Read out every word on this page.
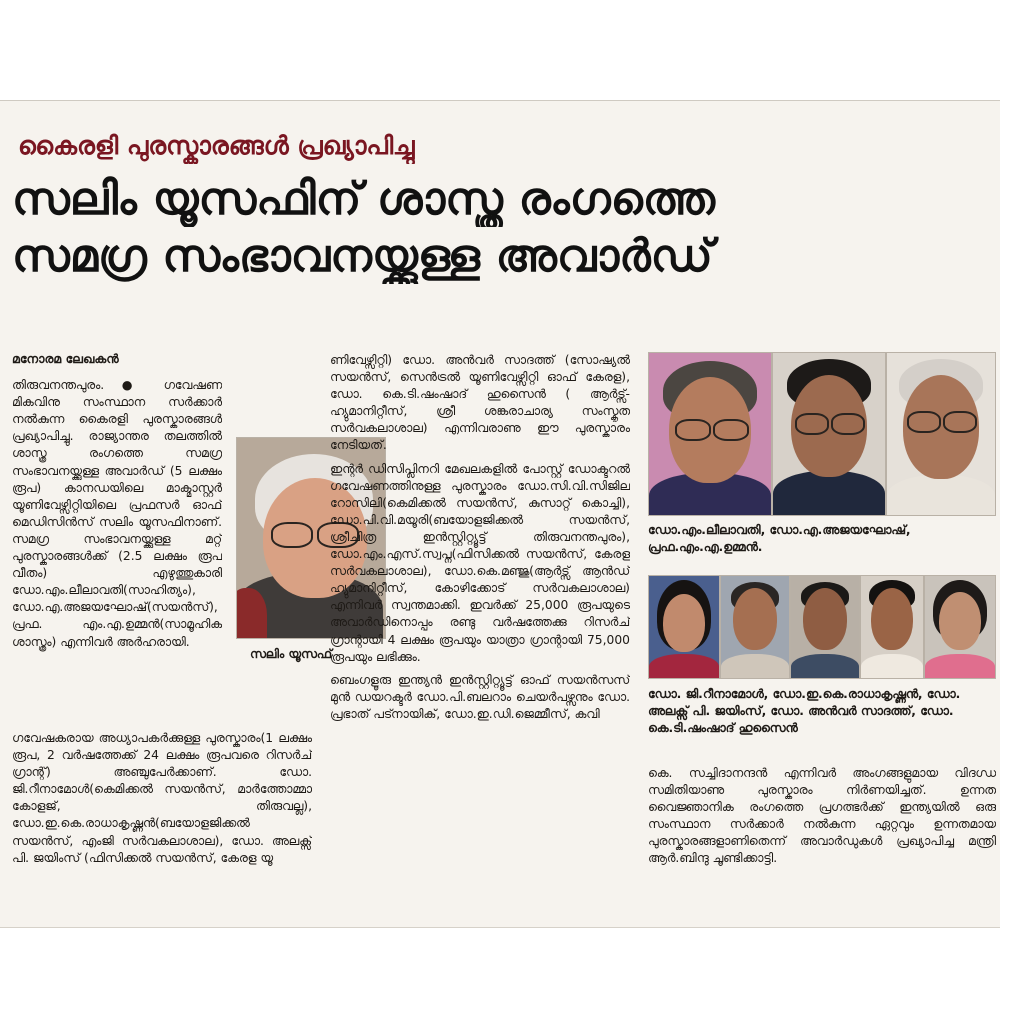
കൈരളി പുരസ്കാരങ്ങൾ പ്രഖ്യാപിച്ചു
സലിം യൂസഫിന് ശാസ്ത്ര രംഗത്തെ
സമഗ്ര സംഭാവനയ്ക്കുള്ള അവാർഡ്
മനോരമ ലേഖകൻ

തിരുവനന്തപുരം. ● ഗവേഷണ മികവിനു സംസ്ഥാന സർക്കാർ നൽകുന്ന കൈരളി പുരസ്കാരങ്ങൾ പ്രഖ്യാപിച്ചു. രാജ്യാന്തര തലത്തിൽ ശാസ്ത്ര രംഗത്തെ സമഗ്ര സംഭാവനയ്ക്കുള്ള അവാർഡ് (5 ലക്ഷം രൂപ) കാനഡയിലെ മാക്മാസ്റ്റർ യൂണിവേഴ്സിറ്റിയിലെ പ്രഫസർ ഓഫ് മെഡിസിൻസ് സലിം യൂസഫിനാണ്. സമഗ്ര സംഭാവനയ്ക്കുള്ള മറ്റ് പുരസ്കാരങ്ങൾക്ക് (2.5 ലക്ഷം രൂപ വീതം) എഴുത്തുകാരി ഡോ.എം.ലീലാവതി(സാഹിത്യം), ഡോ.എ.അജയഘോഷ്(സയൻസ്), പ്രഫ. എം.എ.ഉമ്മൻ(സാമൂഹിക ശാസ്ത്രം) എന്നിവർ അർഹരായി.

സലിം യൂസഫ്

ഗവേഷകരായ അധ്യാപകർക്കുള്ള പുരസ്കാരം(1 ലക്ഷം രൂപ, 2 വർഷത്തേക്ക് 24 ലക്ഷം രൂപവരെ റിസർച് ഗ്രാന്റ്) അഞ്ചുപേർക്കാണ്. ഡോ. ജി.റീനാമോൾ(കെമിക്കൽ സയൻസ്, മാർത്തോമ്മാ കോളജ്, തിരുവല്ല), ഡോ.ഇ.കെ.രാധാകൃഷ്ണൻ(ബയോളജിക്കൽ സയൻസ്, എംജി സർവകലാശാല), ഡോ. അലക്സ് പി. ജയിംസ് (ഫിസിക്കൽ സയൻസ്, കേരള യൂ

ണിവേഴ്സിറ്റി) ഡോ. അൻവർ സാദത്ത് (സോഷ്യൽ സയൻസ്, സെൻട്രൽ യൂണിവേഴ്സിറ്റി ഓഫ് കേരള), ഡോ. കെ.ടി.ഷംഷാദ് ഹുസൈൻ ( ആർട്സ്-ഹ്യുമാനിറ്റീസ്, ശ്രീ ശങ്കരാചാര്യ സംസ്കൃത സർവകലാശാല) എന്നിവരാണു ഈ പുരസ്കാരം നേടിയത്.

ഇന്റർ ഡിസിപ്ലിനറി മേഖലകളിൽ പോസ്റ്റ് ഡോക്ടറൽ ഗവേഷണത്തിനുള്ള പുരസ്കാരം ഡോ.സി.വി.സിജില റോസിലി(കെമിക്കൽ സയൻസ്, കുസാറ്റ് കൊച്ചി), ഡോ.പി.വി.മയൂരി(ബയോളജിക്കൽ സയൻസ്, ശ്രീചിത്ര ഇൻസ്റ്റിറ്റ്യൂട്ട് തിരുവനന്തപുരം), ഡോ.എം.എസ്.സ്വപ്ന(ഫിസിക്കൽ സയൻസ്, കേരള സർവകലാശാല), ഡോ.കെ.മഞ്ജു(ആർട്സ് ആൻഡ് ഹ്യുമാനിറ്റീസ്, കോഴിക്കോട് സർവകലാശാല) എന്നിവർ സ്വന്തമാക്കി. ഇവർക്ക് 25,000 രൂപയുടെ അവാർഡിനൊപ്പം രണ്ടു വർഷത്തേക്കു റിസർച് ഗ്രാന്റായി 4 ലക്ഷം രൂപയും യാത്രാ ഗ്രാന്റായി 75,000 രൂപയും ലഭിക്കും.

ബെംഗളൂരു ഇന്ത്യൻ ഇൻസ്റ്റിറ്റ്യൂട്ട് ഓഫ് സയൻസസ് മുൻ ഡയറക്ടർ ഡോ.പി.ബലറാം ചെയർപഴ്സനും ഡോ. പ്രഭാത് പട്നായിക്, ഡോ.ഇ.ഡി.ജെമ്മീസ്, കവി

ഡോ.എം.ലീലാവതി, ഡോ.എ.അജയഘോഷ്, പ്രഫ.എം.എ.ഉമ്മൻ.
ഡോ. ജി.റീനാമോൾ, ഡോ.ഇ.കെ.രാധാകൃഷ്ണൻ, ഡോ. അലക്സ് പി. ജയിംസ്, ഡോ. അൻവർ സാദത്ത്, ഡോ. കെ.ടി.ഷംഷാദ് ഹുസൈൻ

കെ. സച്ചിദാനന്ദൻ എന്നിവർ അംഗങ്ങളുമായ വിദഗ്ധ സമിതിയാണു പുരസ്കാരം നിർണയിച്ചത്. ഉന്നത വൈജ്ഞാനിക രംഗത്തെ പ്രഗത്ഭർക്ക് ഇന്ത്യയിൽ ഒരു സംസ്ഥാന സർക്കാർ നൽകുന്ന ഏറ്റവും ഉന്നതമായ പുരസ്കാരങ്ങളാണിതെന്ന് അവാർഡുകൾ പ്രഖ്യാപിച്ച മന്ത്രി ആർ.ബിന്ദു ചൂണ്ടിക്കാട്ടി.
